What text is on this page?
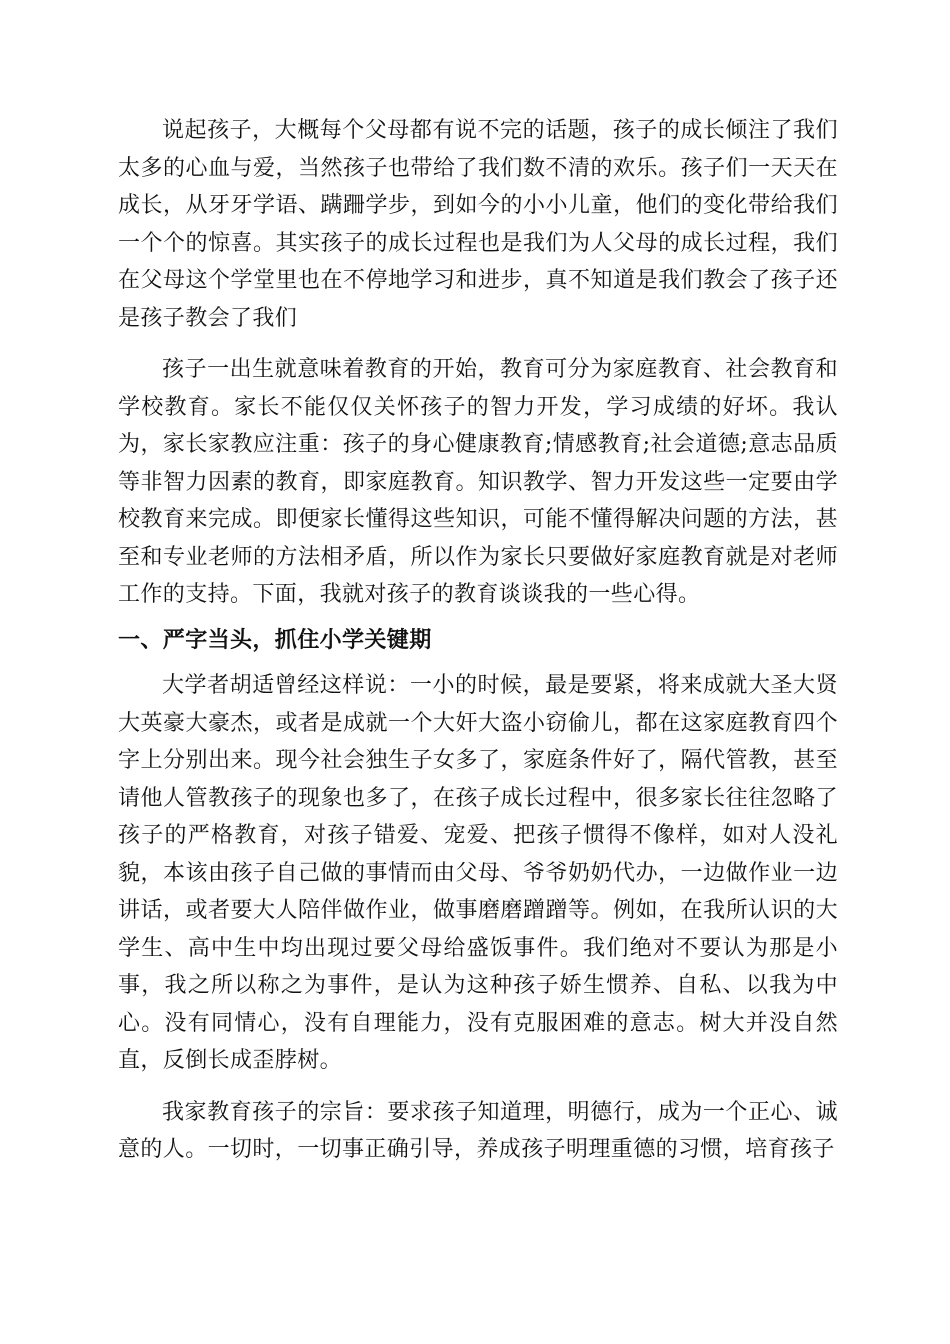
说起孩子，大概每个父母都有说不完的话题，孩子的成长倾注了我们太多的心血与爱，当然孩子也带给了我们数不清的欢乐。孩子们一天天在成长，从牙牙学语、蹒跚学步，到如今的小小儿童，他们的变化带给我们一个个的惊喜。其实孩子的成长过程也是我们为人父母的成长过程，我们在父母这个学堂里也在不停地学习和进步，真不知道是我们教会了孩子还是孩子教会了我们

孩子一出生就意味着教育的开始，教育可分为家庭教育、社会教育和学校教育。家长不能仅仅关怀孩子的智力开发，学习成绩的好坏。我认为，家长家教应注重：孩子的身心健康教育;情感教育;社会道德;意志品质等非智力因素的教育，即家庭教育。知识教学、智力开发这些一定要由学校教育来完成。即便家长懂得这些知识，可能不懂得解决问题的方法，甚至和专业老师的方法相矛盾，所以作为家长只要做好家庭教育就是对老师工作的支持。下面，我就对孩子的教育谈谈我的一些心得。

一、严字当头，抓住小学关键期

大学者胡适曾经这样说：一小的时候，最是要紧，将来成就大圣大贤大英豪大豪杰，或者是成就一个大奸大盗小窃偷儿，都在这家庭教育四个字上分别出来。现今社会独生子女多了，家庭条件好了，隔代管教，甚至请他人管教孩子的现象也多了，在孩子成长过程中，很多家长往往忽略了孩子的严格教育，对孩子错爱、宠爱、把孩子惯得不像样，如对人没礼貌，本该由孩子自己做的事情而由父母、爷爷奶奶代办，一边做作业一边讲话，或者要大人陪伴做作业，做事磨磨蹭蹭等。例如，在我所认识的大学生、高中生中均出现过要父母给盛饭事件。我们绝对不要认为那是小事，我之所以称之为事件，是认为这种孩子娇生惯养、自私、以我为中心。没有同情心，没有自理能力，没有克服困难的意志。树大并没自然直，反倒长成歪脖树。

我家教育孩子的宗旨：要求孩子知道理，明德行，成为一个正心、诚意的人。一切时，一切事正确引导，养成孩子明理重德的习惯，培育孩子
